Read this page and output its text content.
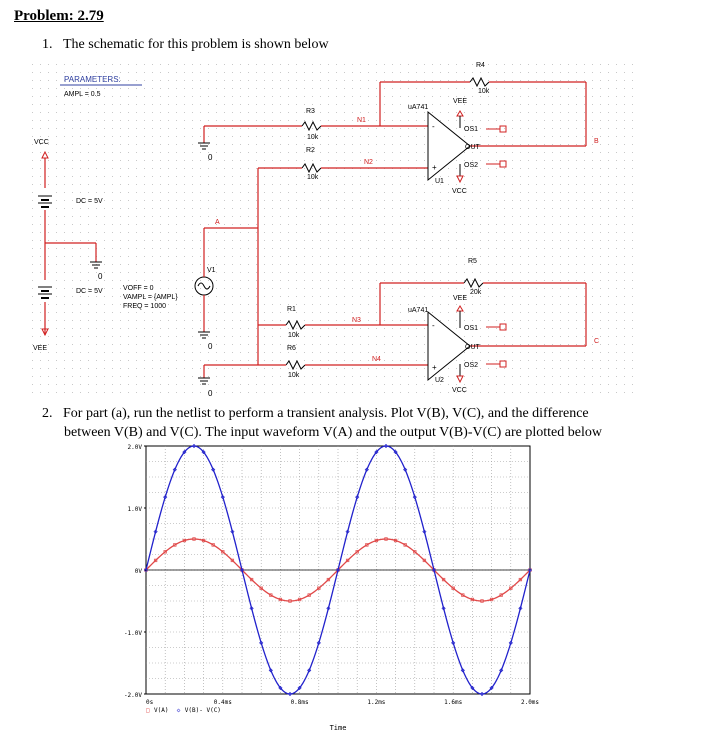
Problem: 2.79
1. The schematic for this problem is shown below
PARAMETERS:
AMPL = 0.5
VCC
DC = 5V
DC = 5V
0
VEE
VOFF = 0
VAMPL = {AMPL}
FREQ = 1000
V1
0
A
0
R3
10k
R2
10k
N1
N2
R4
10k
B
uA741
VEE
-
+
OS1
OUT
OS2
U1
VCC
R1
10k
R6
10k
0
N3
N4
R5
20k
C
uA741
VEE
-
+
OS1
OUT
OS2
U2
VCC
2. For part (a), run the netlist to perform a transient analysis. Plot V(B), V(C), and the difference
between V(B) and V(C). The input waveform V(A) and the output V(B)-V(C) are plotted below
2.0V
1.0V
0V
-1.0V
-2.0V
0s	0.4ms	0.8ms	1.2ms	1.6ms	2.0ms
□ V(A) ◇ V(B)- V(C)
Time
